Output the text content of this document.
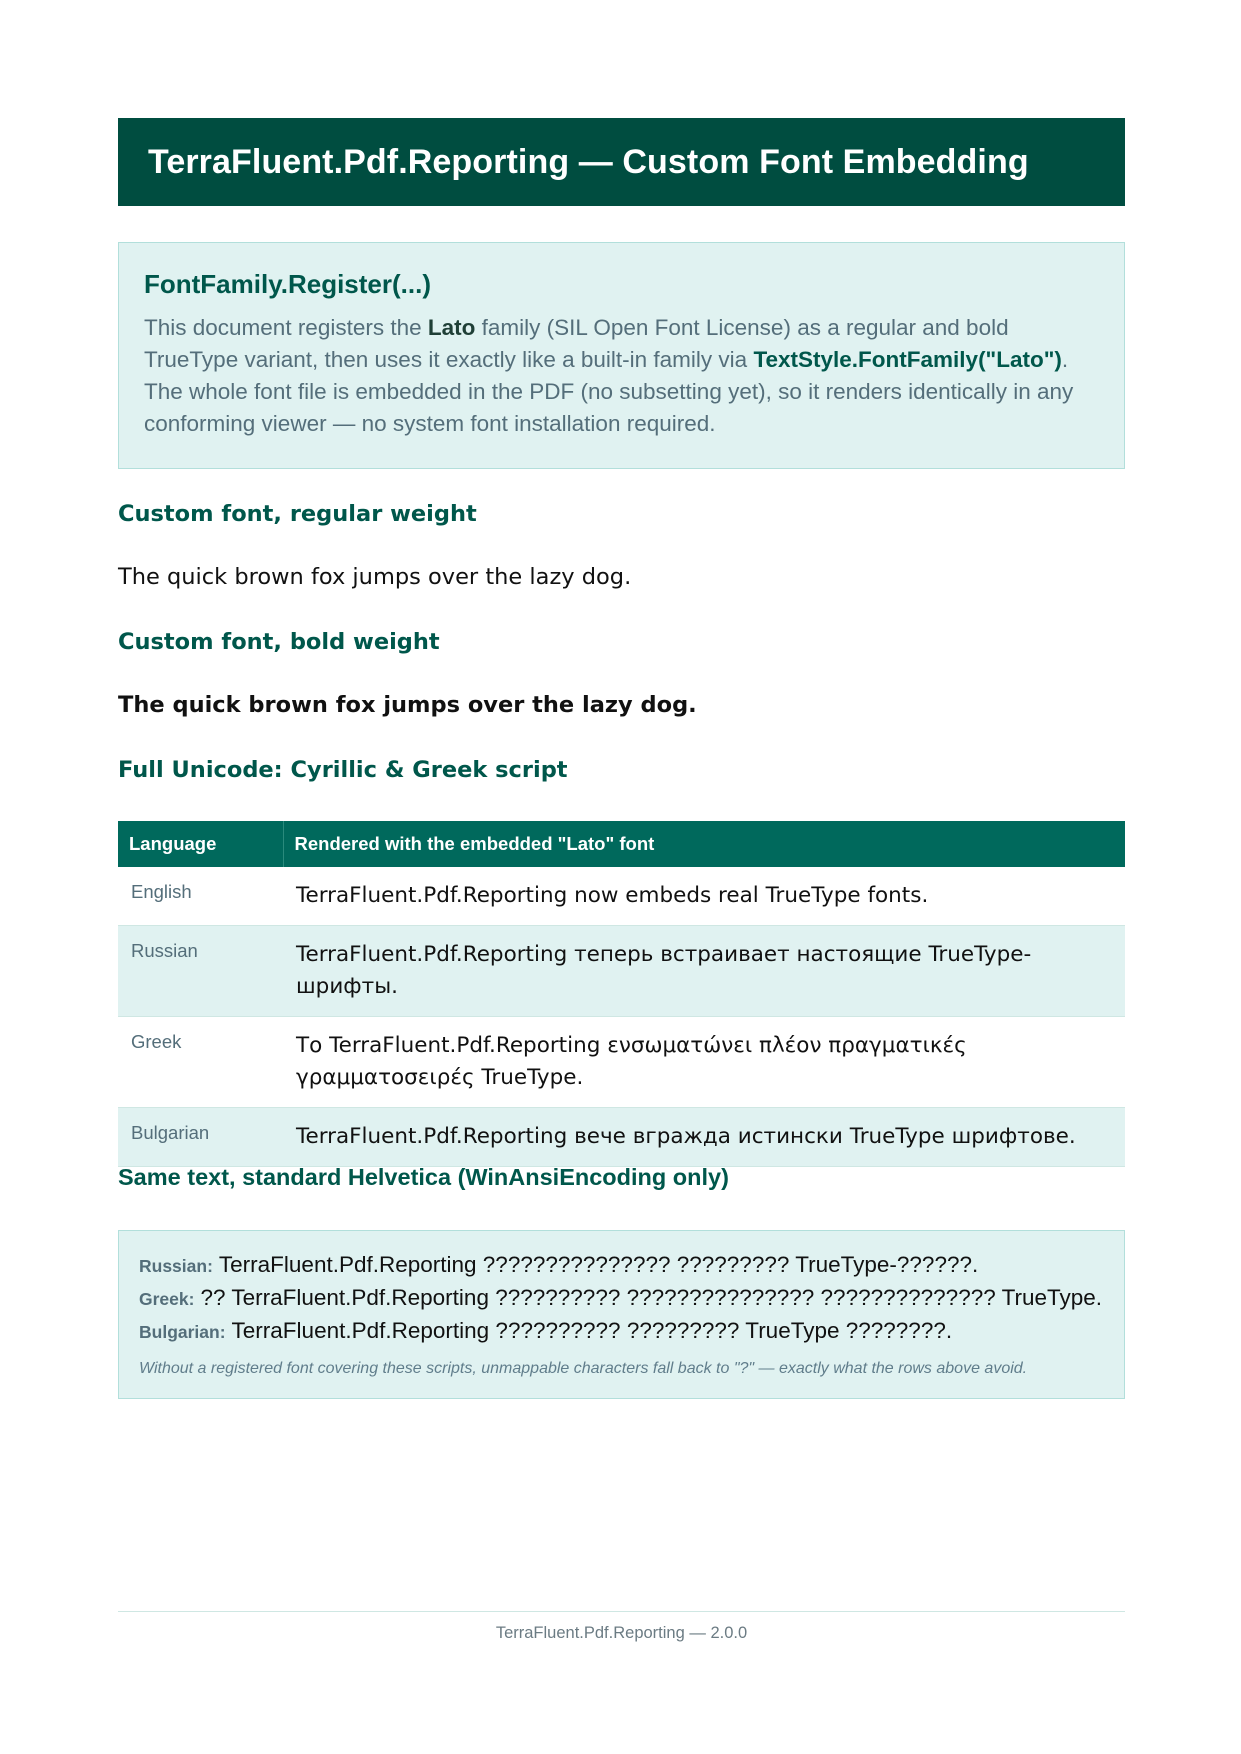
TerraFluent.Pdf.Reporting — Custom Font Embedding
FontFamily.Register(...)

This document registers the Lato family (SIL Open Font License) as a regular and bold TrueType variant, then uses it exactly like a built-in family via TextStyle.FontFamily("Lato"). The whole font file is embedded in the PDF (no subsetting yet), so it renders identically in any conforming viewer — no system font installation required.

Custom font, regular weight

The quick brown fox jumps over the lazy dog.

Custom font, bold weight

The quick brown fox jumps over the lazy dog.

Full Unicode: Cyrillic & Greek script
Language	Rendered with the embedded "Lato" font
English	TerraFluent.Pdf.Reporting now embeds real TrueType fonts.
Russian	TerraFluent.Pdf.Reporting теперь встраивает настоящие TrueType-шрифты.
Greek	Το TerraFluent.Pdf.Reporting ενσωματώνει πλέον πραγματικές γραμματοσειρές TrueType.
Bulgarian	TerraFluent.Pdf.Reporting вече вгражда истински TrueType шрифтове.
Same text, standard Helvetica (WinAnsiEncoding only)
Russian: TerraFluent.Pdf.Reporting ??????????????? ????????? TrueType-??????.
Greek: ?? TerraFluent.Pdf.Reporting ?????????? ??????????????? ?????????????? TrueType.
Bulgarian: TerraFluent.Pdf.Reporting ?????????? ????????? TrueType ????????.
Without a registered font covering these scripts, unmappable characters fall back to "?" — exactly what the rows above avoid.
TerraFluent.Pdf.Reporting — 2.0.0
